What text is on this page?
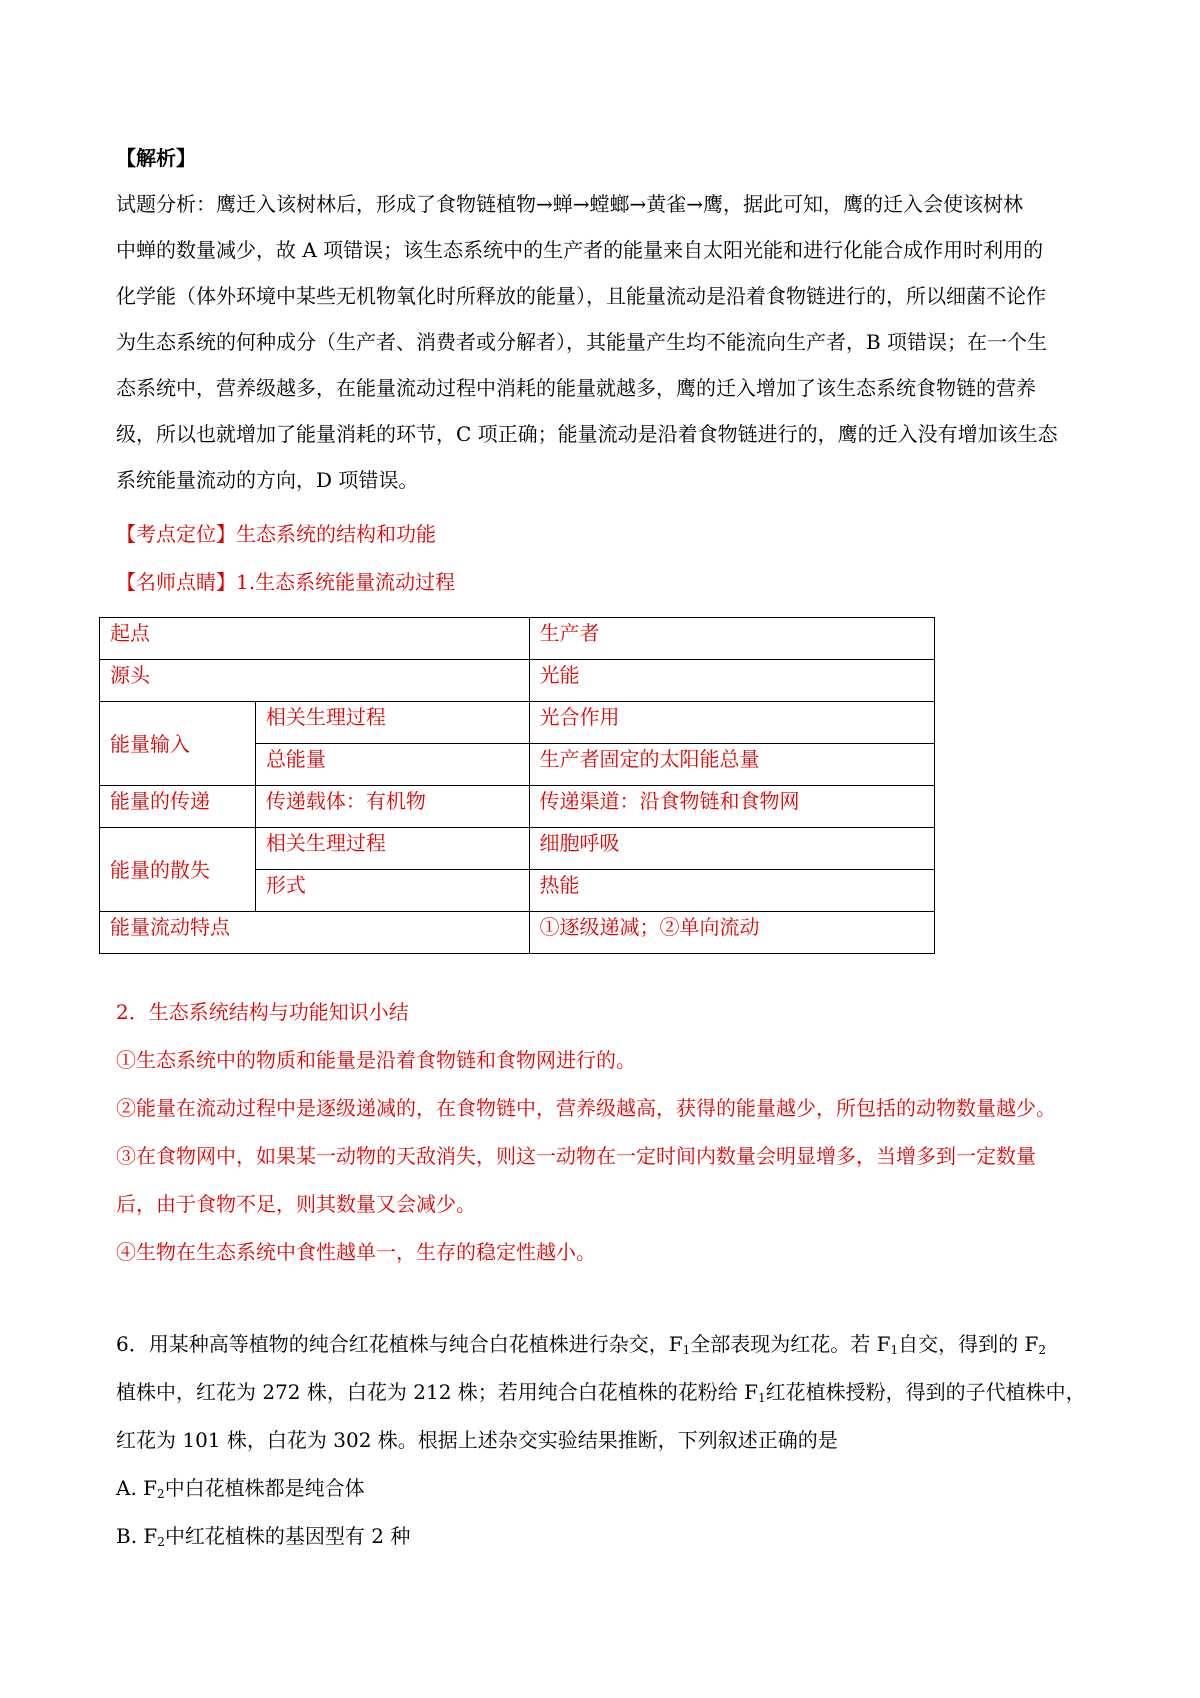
【解析】
试题分析：鹰迁入该树林后，形成了食物链植物→蝉→螳螂→黄雀→鹰，据此可知，鹰的迁入会使该树林
中蝉的数量减少，故 A 项错误；该生态系统中的生产者的能量来自太阳光能和进行化能合成作用时利用的
化学能（体外环境中某些无机物氧化时所释放的能量），且能量流动是沿着食物链进行的，所以细菌不论作
为生态系统的何种成分（生产者、消费者或分解者），其能量产生均不能流向生产者，B 项错误；在一个生
态系统中，营养级越多，在能量流动过程中消耗的能量就越多，鹰的迁入增加了该生态系统食物链的营养
级，所以也就增加了能量消耗的环节，C 项正确；能量流动是沿着食物链进行的，鹰的迁入没有增加该生态
系统能量流动的方向，D 项错误。
【考点定位】生态系统的结构和功能
【名师点睛】1.生态系统能量流动过程
起点		生产者
源头		光能
能量输入	相关生理过程	光合作用
	总能量	生产者固定的太阳能总量
能量的传递	传递载体：有机物	传递渠道：沿食物链和食物网
能量的散失	相关生理过程	细胞呼吸
	形式	热能
能量流动特点		①逐级递减；②单向流动
2．生态系统结构与功能知识小结
①生态系统中的物质和能量是沿着食物链和食物网进行的。
②能量在流动过程中是逐级递减的，在食物链中，营养级越高，获得的能量越少，所包括的动物数量越少。
③在食物网中，如果某一动物的天敌消失，则这一动物在一定时间内数量会明显增多，当增多到一定数量
后，由于食物不足，则其数量又会减少。
④生物在生态系统中食性越单一，生存的稳定性越小。
6．用某种高等植物的纯合红花植株与纯合白花植株进行杂交，$F_1$全部表现为红花。若 $F_1$自交，得到的 $F_2$
植株中，红花为 272 株，白花为 212 株；若用纯合白花植株的花粉给 $F_1$红花植株授粉，得到的子代植株中，
红花为 101 株，白花为 302 株。根据上述杂交实验结果推断，下列叙述正确的是
A. $F_2$中白花植株都是纯合体
B. $F_2$中红花植株的基因型有 2 种
